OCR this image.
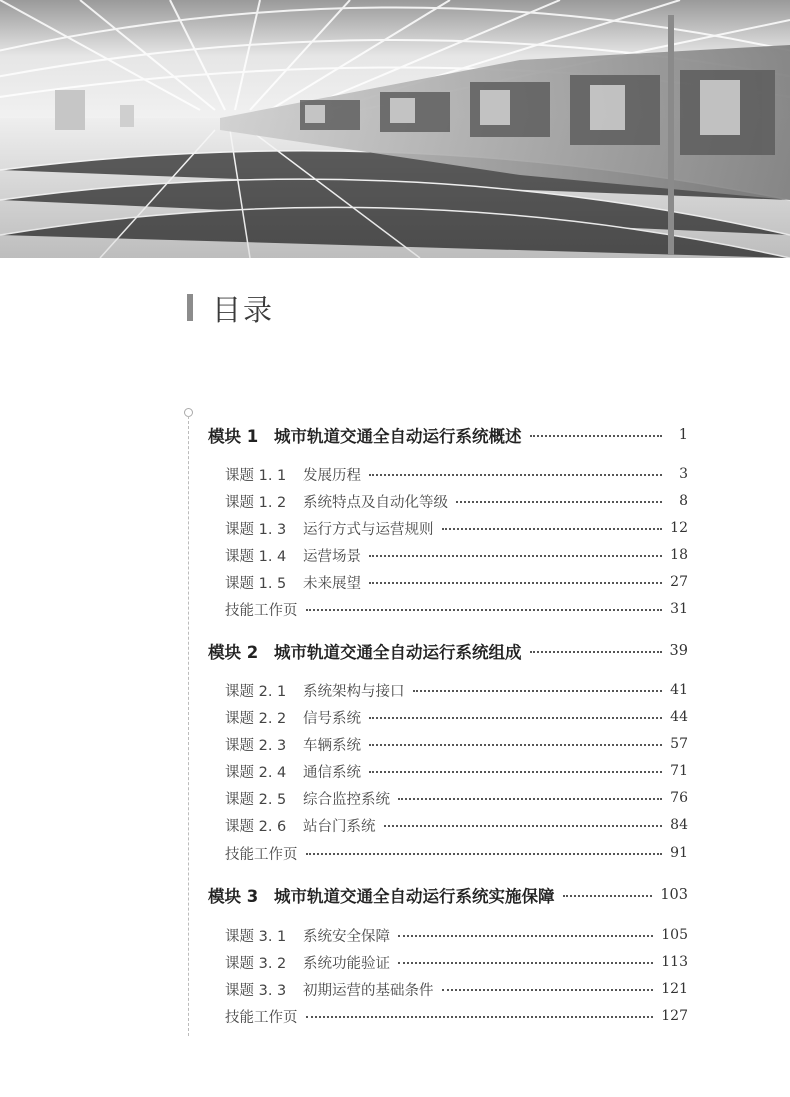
目录
模块 1 城市轨道交通全自动运行系统概述	1
课题 1. 1	发展历程	3
课题 1. 2	系统特点及自动化等级	8
课题 1. 3	运行方式与运营规则	12
课题 1. 4	运营场景	18
课题 1. 5	未来展望	27
技能工作页	31
模块 2 城市轨道交通全自动运行系统组成	39
课题 2. 1	系统架构与接口	41
课题 2. 2	信号系统	44
课题 2. 3	车辆系统	57
课题 2. 4	通信系统	71
课题 2. 5	综合监控系统	76
课题 2. 6	站台门系统	84
技能工作页	91
模块 3 城市轨道交通全自动运行系统实施保障	103
课题 3. 1	系统安全保障	105
课题 3. 2	系统功能验证	113
课题 3. 3	初期运营的基础条件	121
技能工作页	127
